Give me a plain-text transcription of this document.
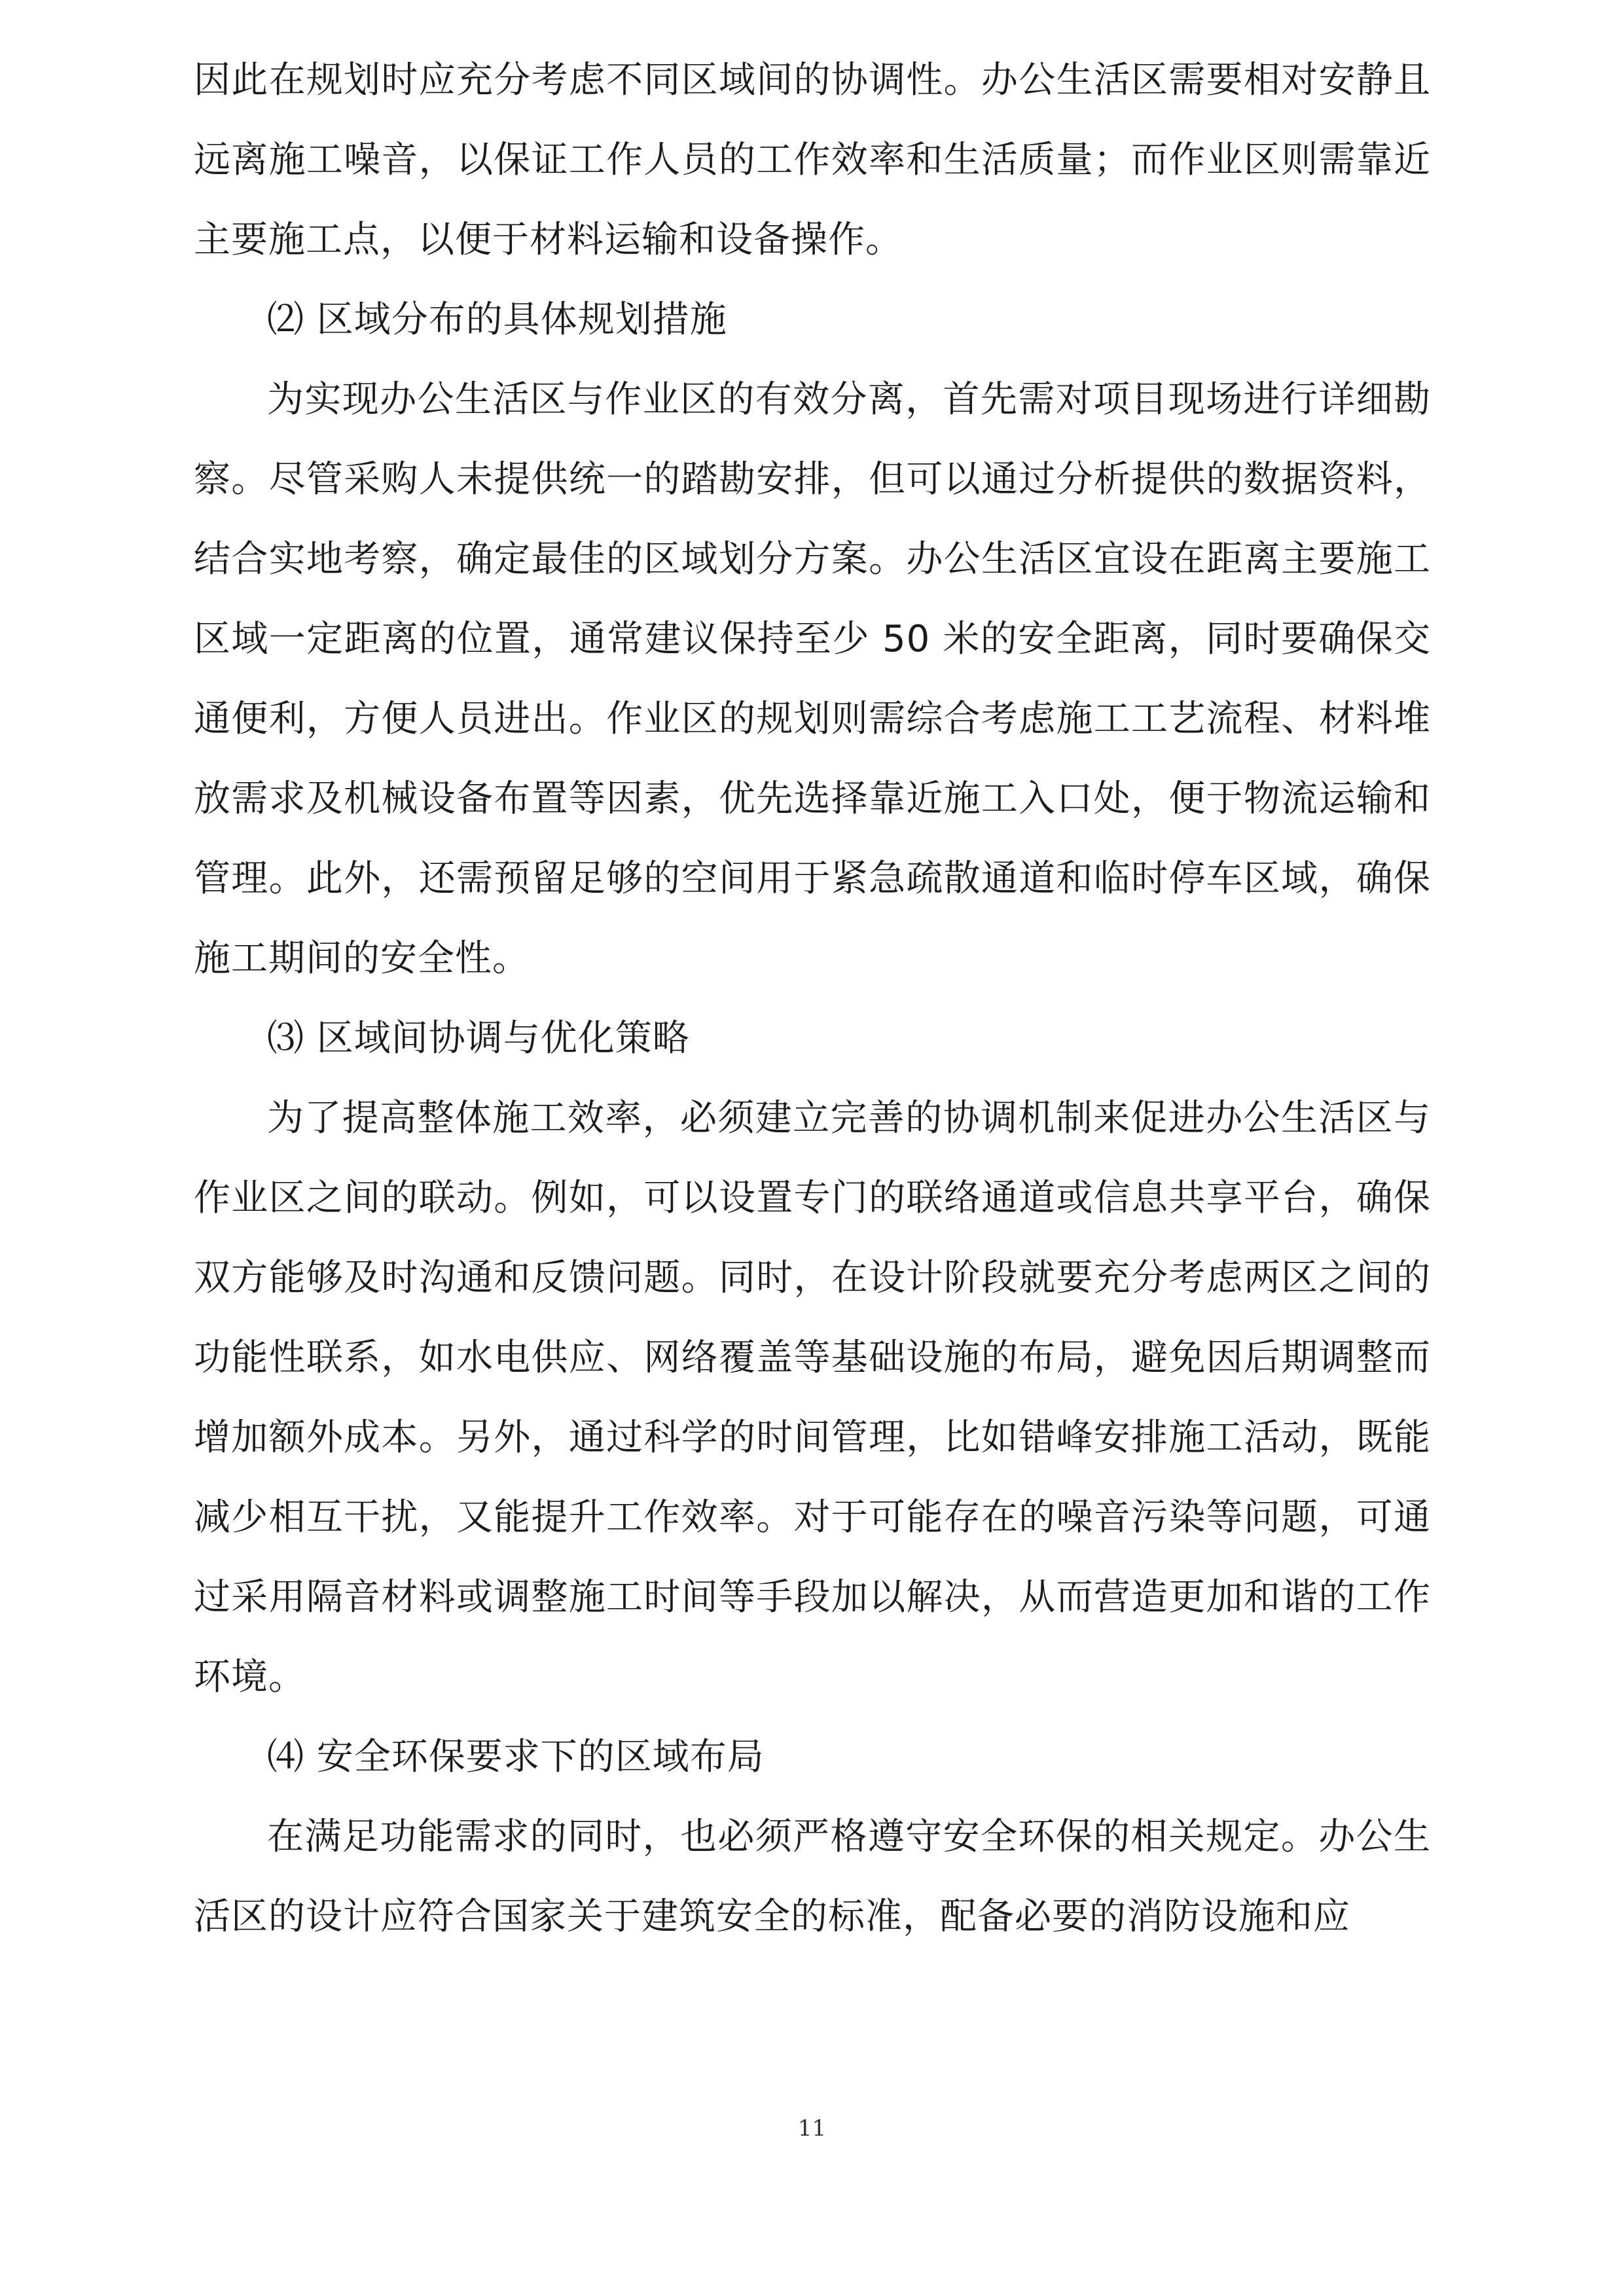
因此在规划时应充分考虑不同区域间的协调性。办公生活区需要相对安静且远离施工噪音，以保证工作人员的工作效率和生活质量；而作业区则需靠近主要施工点，以便于材料运输和设备操作。

⑵ 区域分布的具体规划措施

为实现办公生活区与作业区的有效分离，首先需对项目现场进行详细勘察。尽管采购人未提供统一的踏勘安排，但可以通过分析提供的数据资料，结合实地考察，确定最佳的区域划分方案。办公生活区宜设在距离主要施工区域一定距离的位置，通常建议保持至少 50 米的安全距离，同时要确保交通便利，方便人员进出。作业区的规划则需综合考虑施工工艺流程、材料堆放需求及机械设备布置等因素，优先选择靠近施工入口处，便于物流运输和管理。此外，还需预留足够的空间用于紧急疏散通道和临时停车区域，确保施工期间的安全性。

⑶ 区域间协调与优化策略

为了提高整体施工效率，必须建立完善的协调机制来促进办公生活区与作业区之间的联动。例如，可以设置专门的联络通道或信息共享平台，确保双方能够及时沟通和反馈问题。同时，在设计阶段就要充分考虑两区之间的功能性联系，如水电供应、网络覆盖等基础设施的布局，避免因后期调整而增加额外成本。另外，通过科学的时间管理，比如错峰安排施工活动，既能减少相互干扰，又能提升工作效率。对于可能存在的噪音污染等问题，可通过采用隔音材料或调整施工时间等手段加以解决，从而营造更加和谐的工作环境。

⑷ 安全环保要求下的区域布局

在满足功能需求的同时，也必须严格遵守安全环保的相关规定。办公生活区的设计应符合国家关于建筑安全的标准，配备必要的消防设施和应

11
